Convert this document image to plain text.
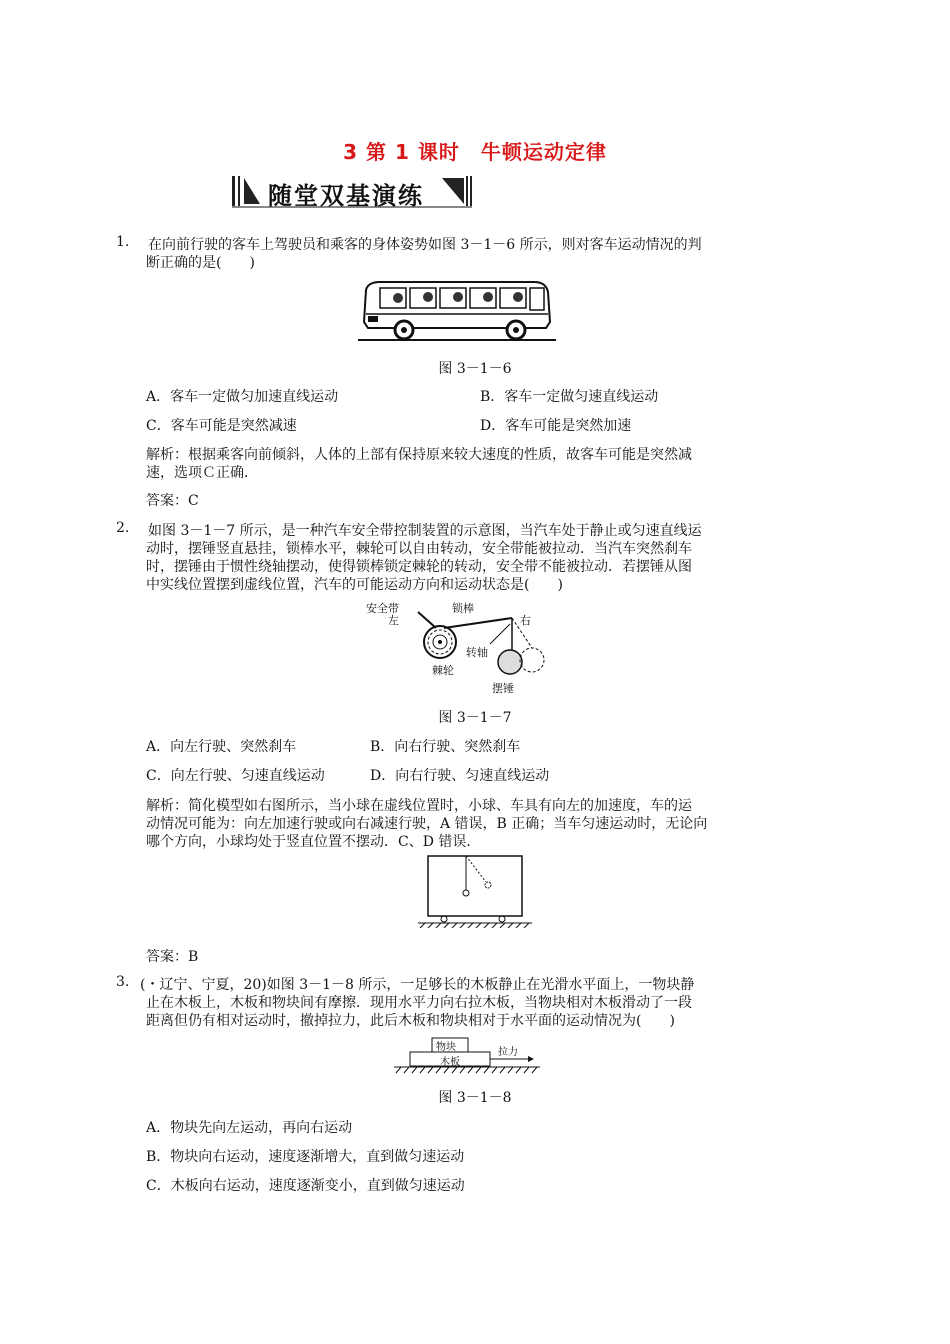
3 第 1 课时　牛顿运动定律
随堂双基演练
1. 在向前行驶的客车上驾驶员和乘客的身体姿势如图 3－1－6 所示，则对客车运动情况的判
断正确的是(　　)
图 3－1－6
A．客车一定做匀加速直线运动	B．客车一定做匀速直线运动
C．客车可能是突然减速	D．客车可能是突然加速
解析：根据乘客向前倾斜，人体的上部有保持原来较大速度的性质，故客车可能是突然减
速，选项Ｃ正确．
答案：C
2. 如图 3－1－7 所示，是一种汽车安全带控制装置的示意图，当汽车处于静止或匀速直线运
动时，摆锤竖直悬挂，锁棒水平，棘轮可以自由转动，安全带能被拉动．当汽车突然刹车
时，摆锤由于惯性绕轴摆动，使得锁棒锁定棘轮的转动，安全带不能被拉动．若摆锤从图
中实线位置摆到虚线位置，汽车的可能运动方向和运动状态是(　　)
安全带	锁棒
左	右
转轴
棘轮
摆锤
图 3－1－7
A．向左行驶、突然刹车	B．向右行驶、突然刹车
C．向左行驶、匀速直线运动	D．向右行驶、匀速直线运动
解析：简化模型如右图所示，当小球在虚线位置时，小球、车具有向左的加速度，车的运
动情况可能为：向左加速行驶或向右减速行驶，A 错误，B 正确；当车匀速运动时，无论向
哪个方向，小球均处于竖直位置不摆动．C、D 错误．
答案：B
3. (・辽宁、宁夏，20)如图 3－1－8 所示，一足够长的木板静止在光滑水平面上，一物块静
止在木板上，木板和物块间有摩擦．现用水平力向右拉木板，当物块相对木板滑动了一段
距离但仍有相对运动时，撤掉拉力，此后木板和物块相对于水平面的运动情况为(　　)
物块
木板
拉力
图 3－1－8
A．物块先向左运动，再向右运动
B．物块向右运动，速度逐渐增大，直到做匀速运动
C．木板向右运动，速度逐渐变小，直到做匀速运动
